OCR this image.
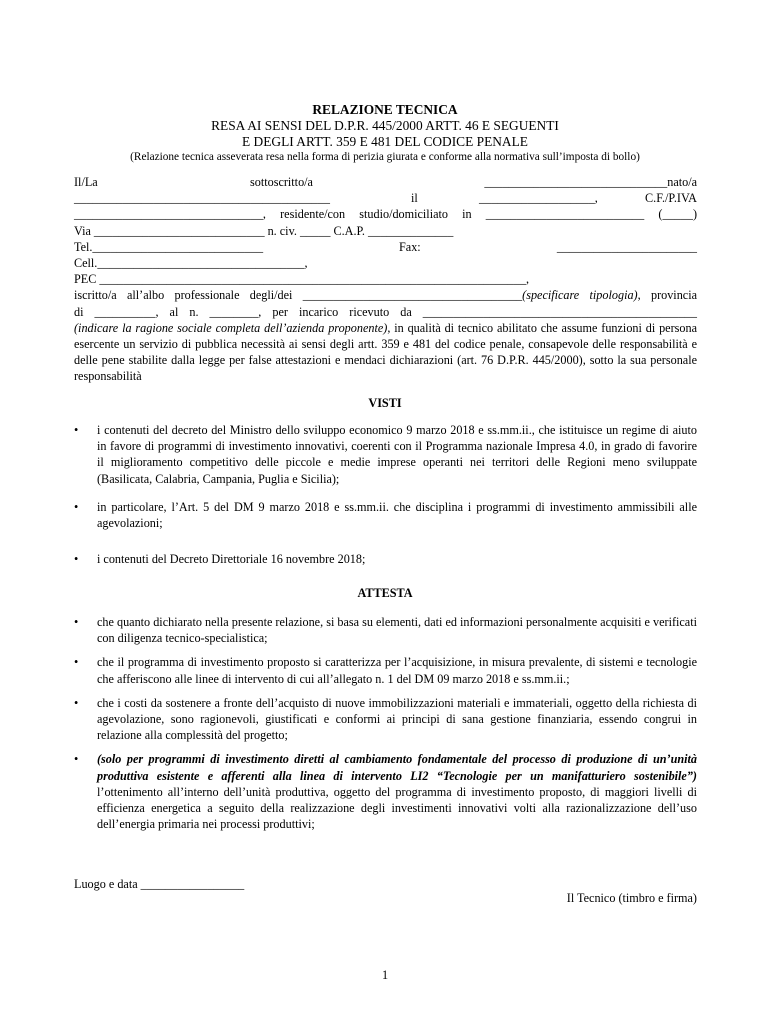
RELAZIONE TECNICA
RESA AI SENSI DEL D.P.R. 445/2000 ARTT. 46 E SEGUENTI
E DEGLI ARTT. 359 E 481 DEL CODICE PENALE
(Relazione tecnica asseverata resa nella forma di perizia giurata e conforme alla normativa sull’imposta di bollo)
Il/La	sottoscritto/a	______________________________nato/a
__________________________________________	il	___________________,	C.F./P.IVA
_______________________________, residente/con studio/domiciliato in __________________________ (_____)
Via ____________________________ n. civ. _____ C.A.P. ______________
Tel.____________________________	Fax:	_______________________
Cell.__________________________________,
PEC ______________________________________________________________________,
iscritto/a all’albo professionale degli/dei ____________________________________(specificare tipologia), provincia
di __________, al n. ________, per incarico ricevuto da _____________________________________________
(indicare la ragione sociale completa dell’azienda proponente), in qualità di tecnico abilitato che assume funzioni di persona esercente un servizio di pubblica necessità ai sensi degli artt. 359 e 481 del codice penale, consapevole delle responsabilità e delle pene stabilite dalla legge per false attestazioni e mendaci dichiarazioni (art. 76 D.P.R. 445/2000), sotto la sua personale responsabilità
VISTI
•	i contenuti del decreto del Ministro dello sviluppo economico 9 marzo 2018 e ss.mm.ii., che istituisce un regime di aiuto in favore di programmi di investimento innovativi, coerenti con il Programma nazionale Impresa 4.0, in grado di favorire il miglioramento competitivo delle piccole e medie imprese operanti nei territori delle Regioni meno sviluppate (Basilicata, Calabria, Campania, Puglia e Sicilia);
•	in particolare, l’Art. 5 del DM 9 marzo 2018 e ss.mm.ii. che disciplina i programmi di investimento ammissibili alle agevolazioni;
•	i contenuti del Decreto Direttoriale 16 novembre 2018;
ATTESTA
•	che quanto dichiarato nella presente relazione, si basa su elementi, dati ed informazioni personalmente acquisiti e verificati con diligenza tecnico-specialistica;
•	che il programma di investimento proposto si caratterizza per l’acquisizione, in misura prevalente, di sistemi e tecnologie che afferiscono alle linee di intervento di cui all’allegato n. 1 del DM 09 marzo 2018 e ss.mm.ii.;
•	che i costi da sostenere a fronte dell’acquisto di nuove immobilizzazioni materiali e immateriali, oggetto della richiesta di agevolazione, sono ragionevoli, giustificati e conformi ai principi di sana gestione finanziaria, essendo congrui in relazione alla complessità del progetto;
•	(solo per programmi di investimento diretti al cambiamento fondamentale del processo di produzione di un’unità produttiva esistente e afferenti alla linea di intervento LI2 “Tecnologie per un manifatturiero sostenibile”) l’ottenimento all’interno dell’unità produttiva, oggetto del programma di investimento proposto, di maggiori livelli di efficienza energetica a seguito della realizzazione degli investimenti innovativi volti alla razionalizzazione dell’uso dell’energia primaria nei processi produttivi;
Luogo e data _________________
Il Tecnico (timbro e firma)
1
